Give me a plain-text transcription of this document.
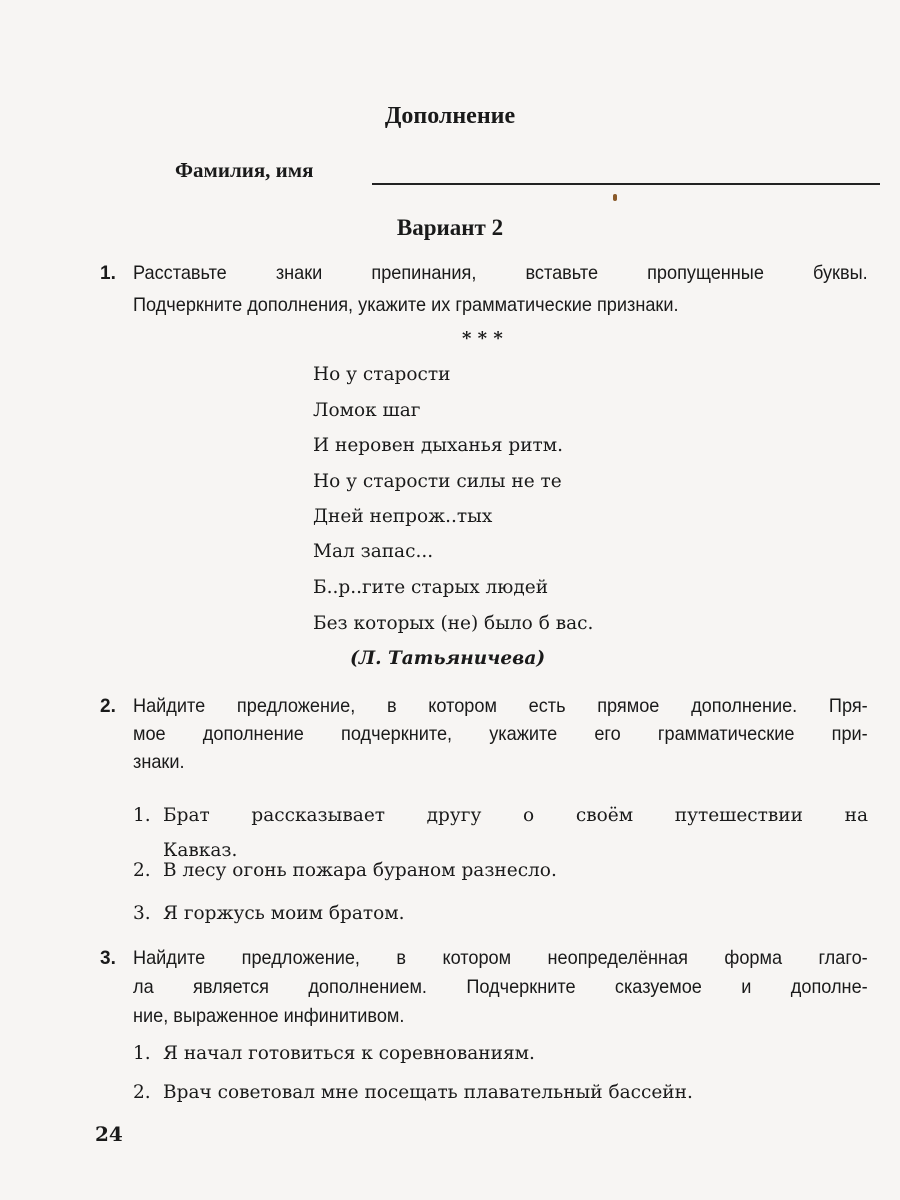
Дополнение
Фамилия, имя
Вариант 2
1. Расставьте знаки препинания, вставьте пропущенные буквы.
Подчеркните дополнения, укажите их грамматические признаки.
* * *
Но у старости
Ломок шаг
И неровен дыханья ритм.
Но у старости силы не те
Дней непрож..тых
Мал запас...
Б..р..гите старых людей
Без которых (не) было б вас.
(Л. Татьяничева)
2. Найдите предложение, в котором есть прямое дополнение. Пря-
мое дополнение подчеркните, укажите его грамматические при-
знаки.
1. Брат рассказывает другу о своём путешествии на
Кавказ.
2. В лесу огонь пожара бураном разнесло.
3. Я горжусь моим братом.
3. Найдите предложение, в котором неопределённая форма глаго-
ла является дополнением. Подчеркните сказуемое и дополне-
ние, выраженное инфинитивом.
1. Я начал готовиться к соревнованиям.
2. Врач советовал мне посещать плавательный бассейн.
24
